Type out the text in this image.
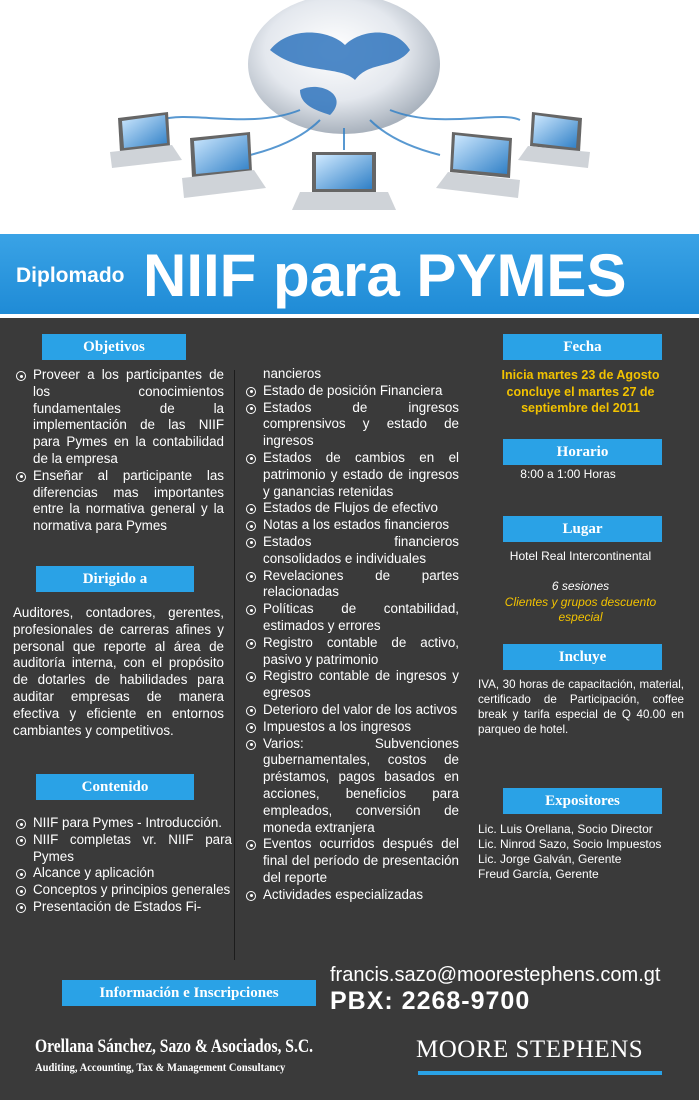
Diplomado NIIF para PYMES
Objetivos
Proveer a los participantes de los conocimientos fundamentales de la implementación de las NIIF para Pymes en la contabilidad de la empresa
Enseñar al participante las diferencias mas importantes entre la normativa general y la normativa para Pymes
Dirigido a
Auditores, contadores, gerentes, profesionales de carreras afines y personal que reporte al área de auditoría interna, con el propósito de dotarles de habilidades para auditar empresas de manera efectiva y eficiente en entornos cambiantes y competitivos.
Contenido
NIIF para Pymes - Introducción.
NIIF completas vr. NIIF para Pymes
Alcance y aplicación
Conceptos y principios generales
Presentación de Estados Fi-
nancieros
Estado de posición Financiera
Estados de ingresos comprensivos y estado de ingresos
Estados de cambios en el patrimonio y estado de ingresos y ganancias retenidas
Estados de Flujos de efectivo
Notas a los estados financieros
Estados financieros consolidados e individuales
Revelaciones de partes relacionadas
Políticas de contabilidad, estimados y errores
Registro contable de activo, pasivo y patrimonio
Registro contable de ingresos y egresos
Deterioro del valor de los activos
Impuestos a los ingresos
Varios: Subvenciones gubernamentales, costos de préstamos, pagos basados en acciones, beneficios para empleados, conversión de moneda extranjera
Eventos ocurridos después del final del período de presentación del reporte
Actividades especializadas
Fecha
Inicia martes 23 de Agosto
concluye el martes 27 de
septiembre del 2011
Horario
8:00 a 1:00 Horas
Lugar
Hotel Real Intercontinental
6 sesiones
Clientes y grupos descuento
especial
Incluye
IVA, 30 horas de capacitación, material, certificado de Participación, coffee break y tarifa especial de Q 40.00 en parqueo de hotel.
Expositores
Lic. Luis Orellana, Socio Director
Lic. Ninrod Sazo, Socio Impuestos
Lic. Jorge Galván, Gerente
Freud García, Gerente
Información e Inscripciones
francis.sazo@moorestephens.com.gt
PBX: 2268-9700
Orellana Sánchez, Sazo & Asociados, S.C.
Auditing, Accounting, Tax & Management Consultancy
MOORE STEPHENS
